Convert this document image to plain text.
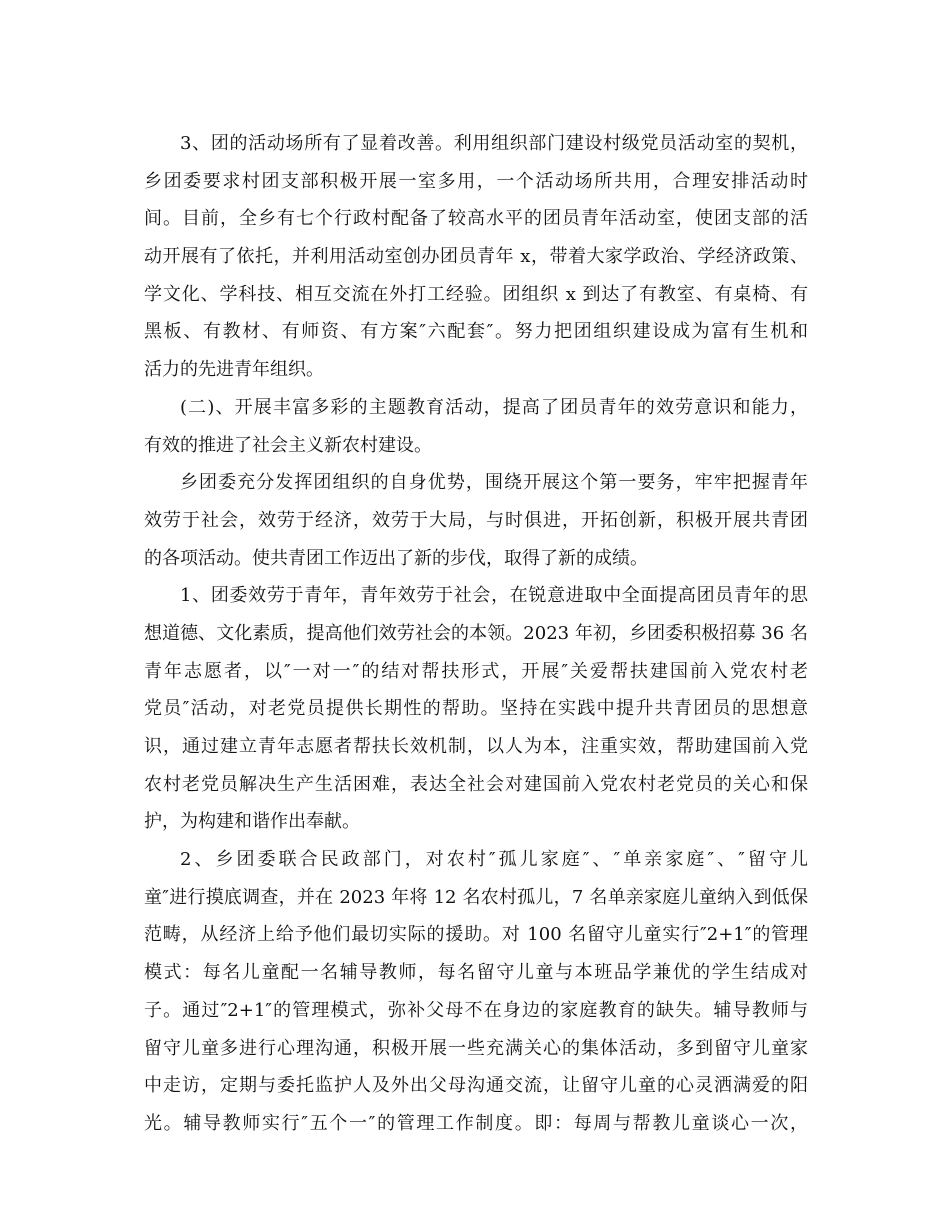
3、团的活动场所有了显着改善。利用组织部门建设村级党员活动室的契机，
乡团委要求村团支部积极开展一室多用，一个活动场所共用，合理安排活动时
间。目前，全乡有七个行政村配备了较高水平的团员青年活动室，使团支部的活
动开展有了依托，并利用活动室创办团员青年 x，带着大家学政治、学经济政策、
学文化、学科技、相互交流在外打工经验。团组织 x 到达了有教室、有桌椅、有
黑板、有教材、有师资、有方案″六配套″。努力把团组织建设成为富有生机和
活力的先进青年组织。
(二)、开展丰富多彩的主题教育活动，提高了团员青年的效劳意识和能力，
有效的推进了社会主义新农村建设。
乡团委充分发挥团组织的自身优势，围绕开展这个第一要务，牢牢把握青年
效劳于社会，效劳于经济，效劳于大局，与时俱进，开拓创新，积极开展共青团
的各项活动。使共青团工作迈出了新的步伐，取得了新的成绩。
1、团委效劳于青年，青年效劳于社会，在锐意进取中全面提高团员青年的思
想道德、文化素质，提高他们效劳社会的本领。2023 年初，乡团委积极招募 36 名
青年志愿者，以″一对一″的结对帮扶形式，开展″关爱帮扶建国前入党农村老
党员″活动，对老党员提供长期性的帮助。坚持在实践中提升共青团员的思想意
识，通过建立青年志愿者帮扶长效机制，以人为本，注重实效，帮助建国前入党
农村老党员解决生产生活困难，表达全社会对建国前入党农村老党员的关心和保
护，为构建和谐作出奉献。
2、乡团委联合民政部门，对农村″孤儿家庭″、″单亲家庭″、″留守儿
童″进行摸底调查，并在 2023 年将 12 名农村孤儿，7 名单亲家庭儿童纳入到低保
范畴，从经济上给予他们最切实际的援助。对 100 名留守儿童实行″2+1″的管理
模式：每名儿童配一名辅导教师，每名留守儿童与本班品学兼优的学生结成对
子。通过″2+1″的管理模式，弥补父母不在身边的家庭教育的缺失。辅导教师与
留守儿童多进行心理沟通，积极开展一些充满关心的集体活动，多到留守儿童家
中走访，定期与委托监护人及外出父母沟通交流，让留守儿童的心灵洒满爱的阳
光。辅导教师实行″五个一″的管理工作制度。即：每周与帮教儿童谈心一次，
